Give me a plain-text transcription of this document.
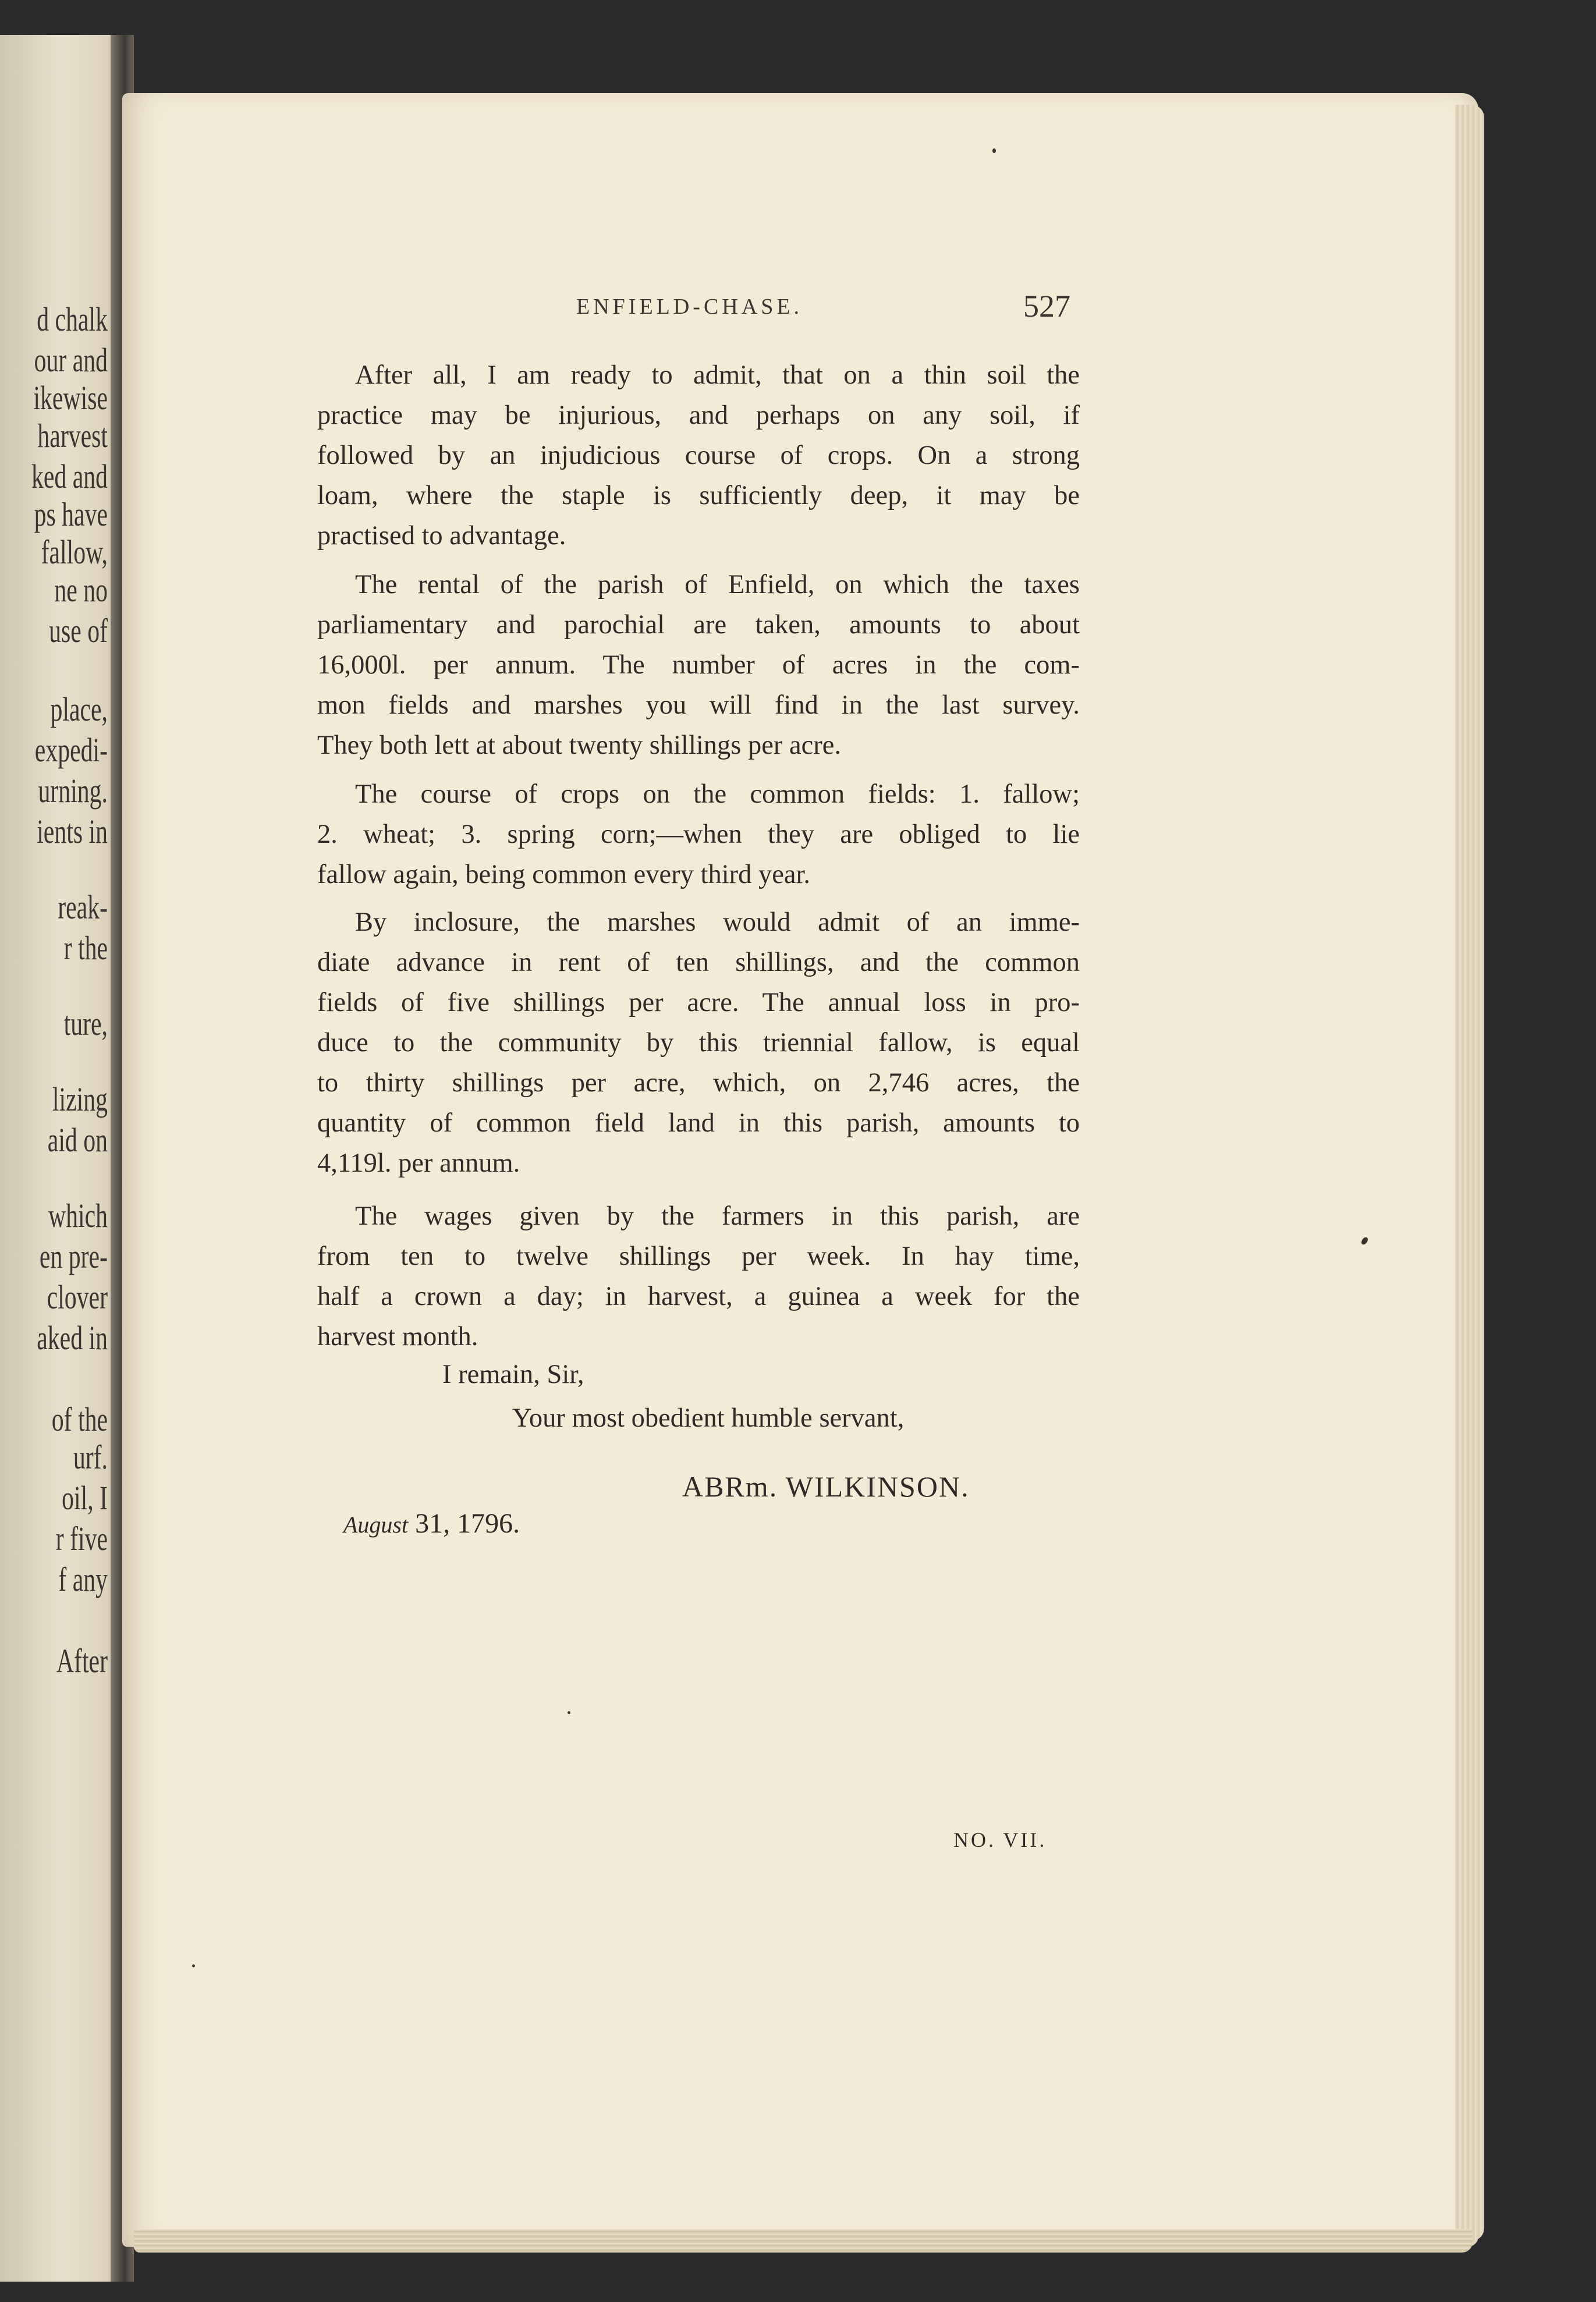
d chalk
our and
ikewise
harvest
ked and
ps have
fallow,
ne no
use of
place,
expedi-
urning.
ients in
reak-
r the
ture,
lizing
aid on
which
en pre-
clover
aked in
of the
urf.
oil, I
r five
f any
After
ENFIELD-CHASE.	527
After all, I am ready to admit, that on a thin soil the
practice may be injurious, and perhaps on any soil, if
followed by an injudicious course of crops. On a strong
loam, where the staple is sufficiently deep, it may be
practised to advantage.
The rental of the parish of Enfield, on which the taxes
parliamentary and parochial are taken, amounts to about
16,000l. per annum. The number of acres in the com-
mon fields and marshes you will find in the last survey.
They both lett at about twenty shillings per acre.
The course of crops on the common fields: 1. fallow;
2. wheat; 3. spring corn;—when they are obliged to lie
fallow again, being common every third year.
By inclosure, the marshes would admit of an imme-
diate advance in rent of ten shillings, and the common
fields of five shillings per acre. The annual loss in pro-
duce to the community by this triennial fallow, is equal
to thirty shillings per acre, which, on 2,746 acres, the
quantity of common field land in this parish, amounts to
4,119l. per annum.
The wages given by the farmers in this parish, are
from ten to twelve shillings per week. In hay time,
half a crown a day; in harvest, a guinea a week for the
harvest month.
I remain, Sir,
Your most obedient humble servant,
ABRm. WILKINSON.
August 31, 1796.
NO. VII.
